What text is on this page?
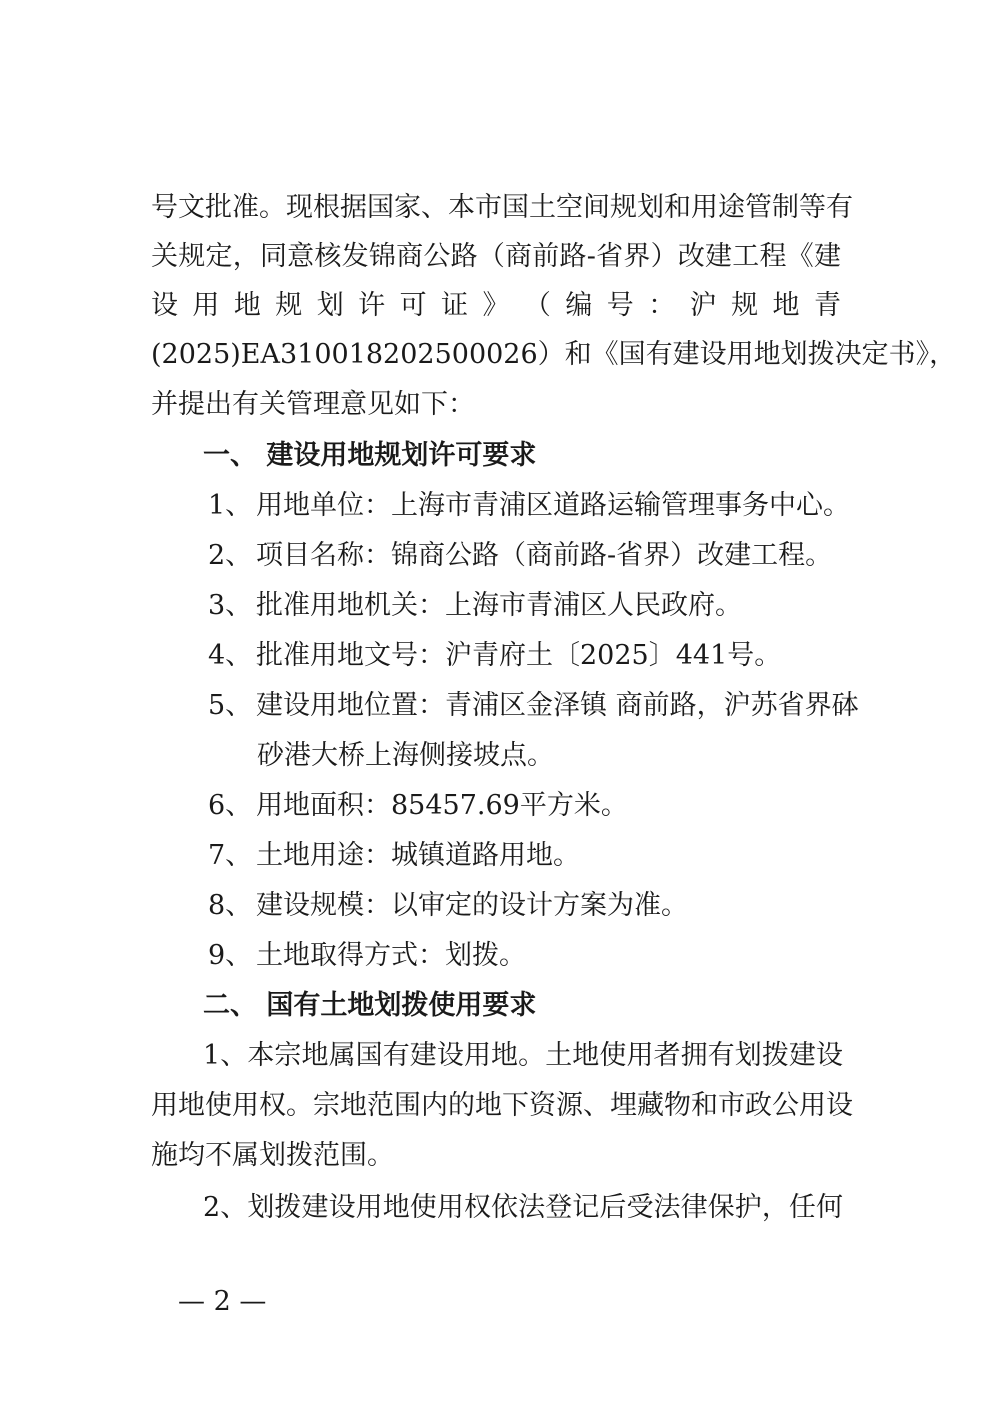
号文批准。现根据国家、本市国土空间规划和用途管制等有
关规定，同意核发锦商公路（商前路-省界）改建工程《建
设 用 地 规 划 许 可 证 》 （ 编 号 ： 沪 规 地 青
(2025)EA310018202500026）和《国有建设用地划拨决定书》，
并提出有关管理意见如下：
一、 建设用地规划许可要求
1、 用地单位：上海市青浦区道路运输管理事务中心。
2、 项目名称：锦商公路（商前路-省界）改建工程。
3、 批准用地机关：上海市青浦区人民政府。
4、 批准用地文号：沪青府土〔2025〕441号。
5、 建设用地位置：青浦区金泽镇 商前路，沪苏省界砵
砂港大桥上海侧接坡点。
6、 用地面积：85457.69平方米。
7、 土地用途：城镇道路用地。
8、 建设规模：以审定的设计方案为准。
9、 土地取得方式：划拨。
二、 国有土地划拨使用要求
1、本宗地属国有建设用地。土地使用者拥有划拨建设
用地使用权。宗地范围内的地下资源、埋藏物和市政公用设
施均不属划拨范围。
2、划拨建设用地使用权依法登记后受法律保护，任何
— 2 —
